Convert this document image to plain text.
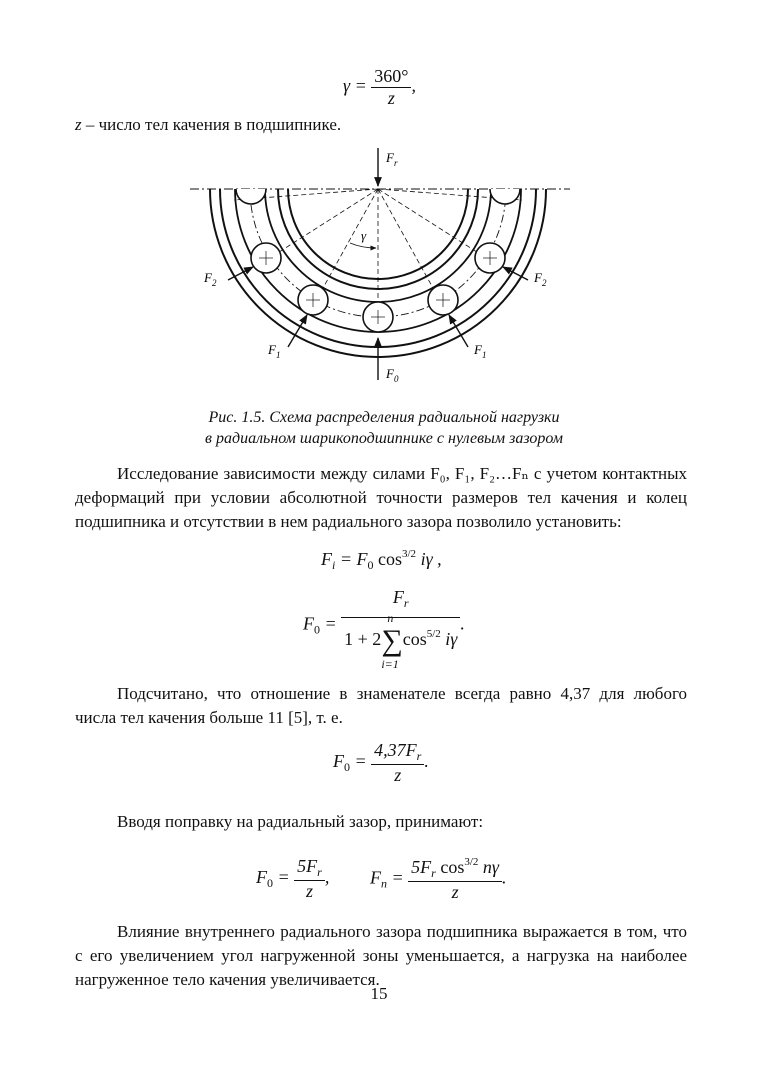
$\gamma = \frac{360^\circ}{z}$ ,
z – число тел качения в подшипнике.
γ
$F_r$
$F_0$
$F_1$	$F_1$
$F_2$	$F_2$
Рис. 1.5. Схема распределения радиальной нагрузки
в радиальном шарикоподшипнике с нулевым зазором
Исследование зависимости между силами F₀, F₁, F₂…Fₙ с учетом контактных деформаций при условии абсолютной точности размеров тел качения и колец подшипника и отсутствии в нем радиального зазора позволило установить:
$F_i = F_0$ $\cos^{3/2} i\gamma$ ,
$F_0 = F_r$
1 + 2∑
n
i=1
$\cos^{5/2} i\gamma$ .
Подсчитано, что отношение в знаменателе всегда равно 4,37 для любого числа тел качения больше 11 [5], т. е.
$F_0 = \frac{4,37F_r}{z}$ .
Вводя поправку на радиальный зазор, принимают:
$F_0 = \frac{5F_r}{z}$ , $F_n = \frac{5F_r \cos^{3/2} n\gamma}{z}$ .
Влияние внутреннего радиального зазора подшипника выражается в том, что с его увеличением угол нагруженной зоны уменьшается, а нагрузка на наиболее нагруженное тело качения увеличивается.
15
